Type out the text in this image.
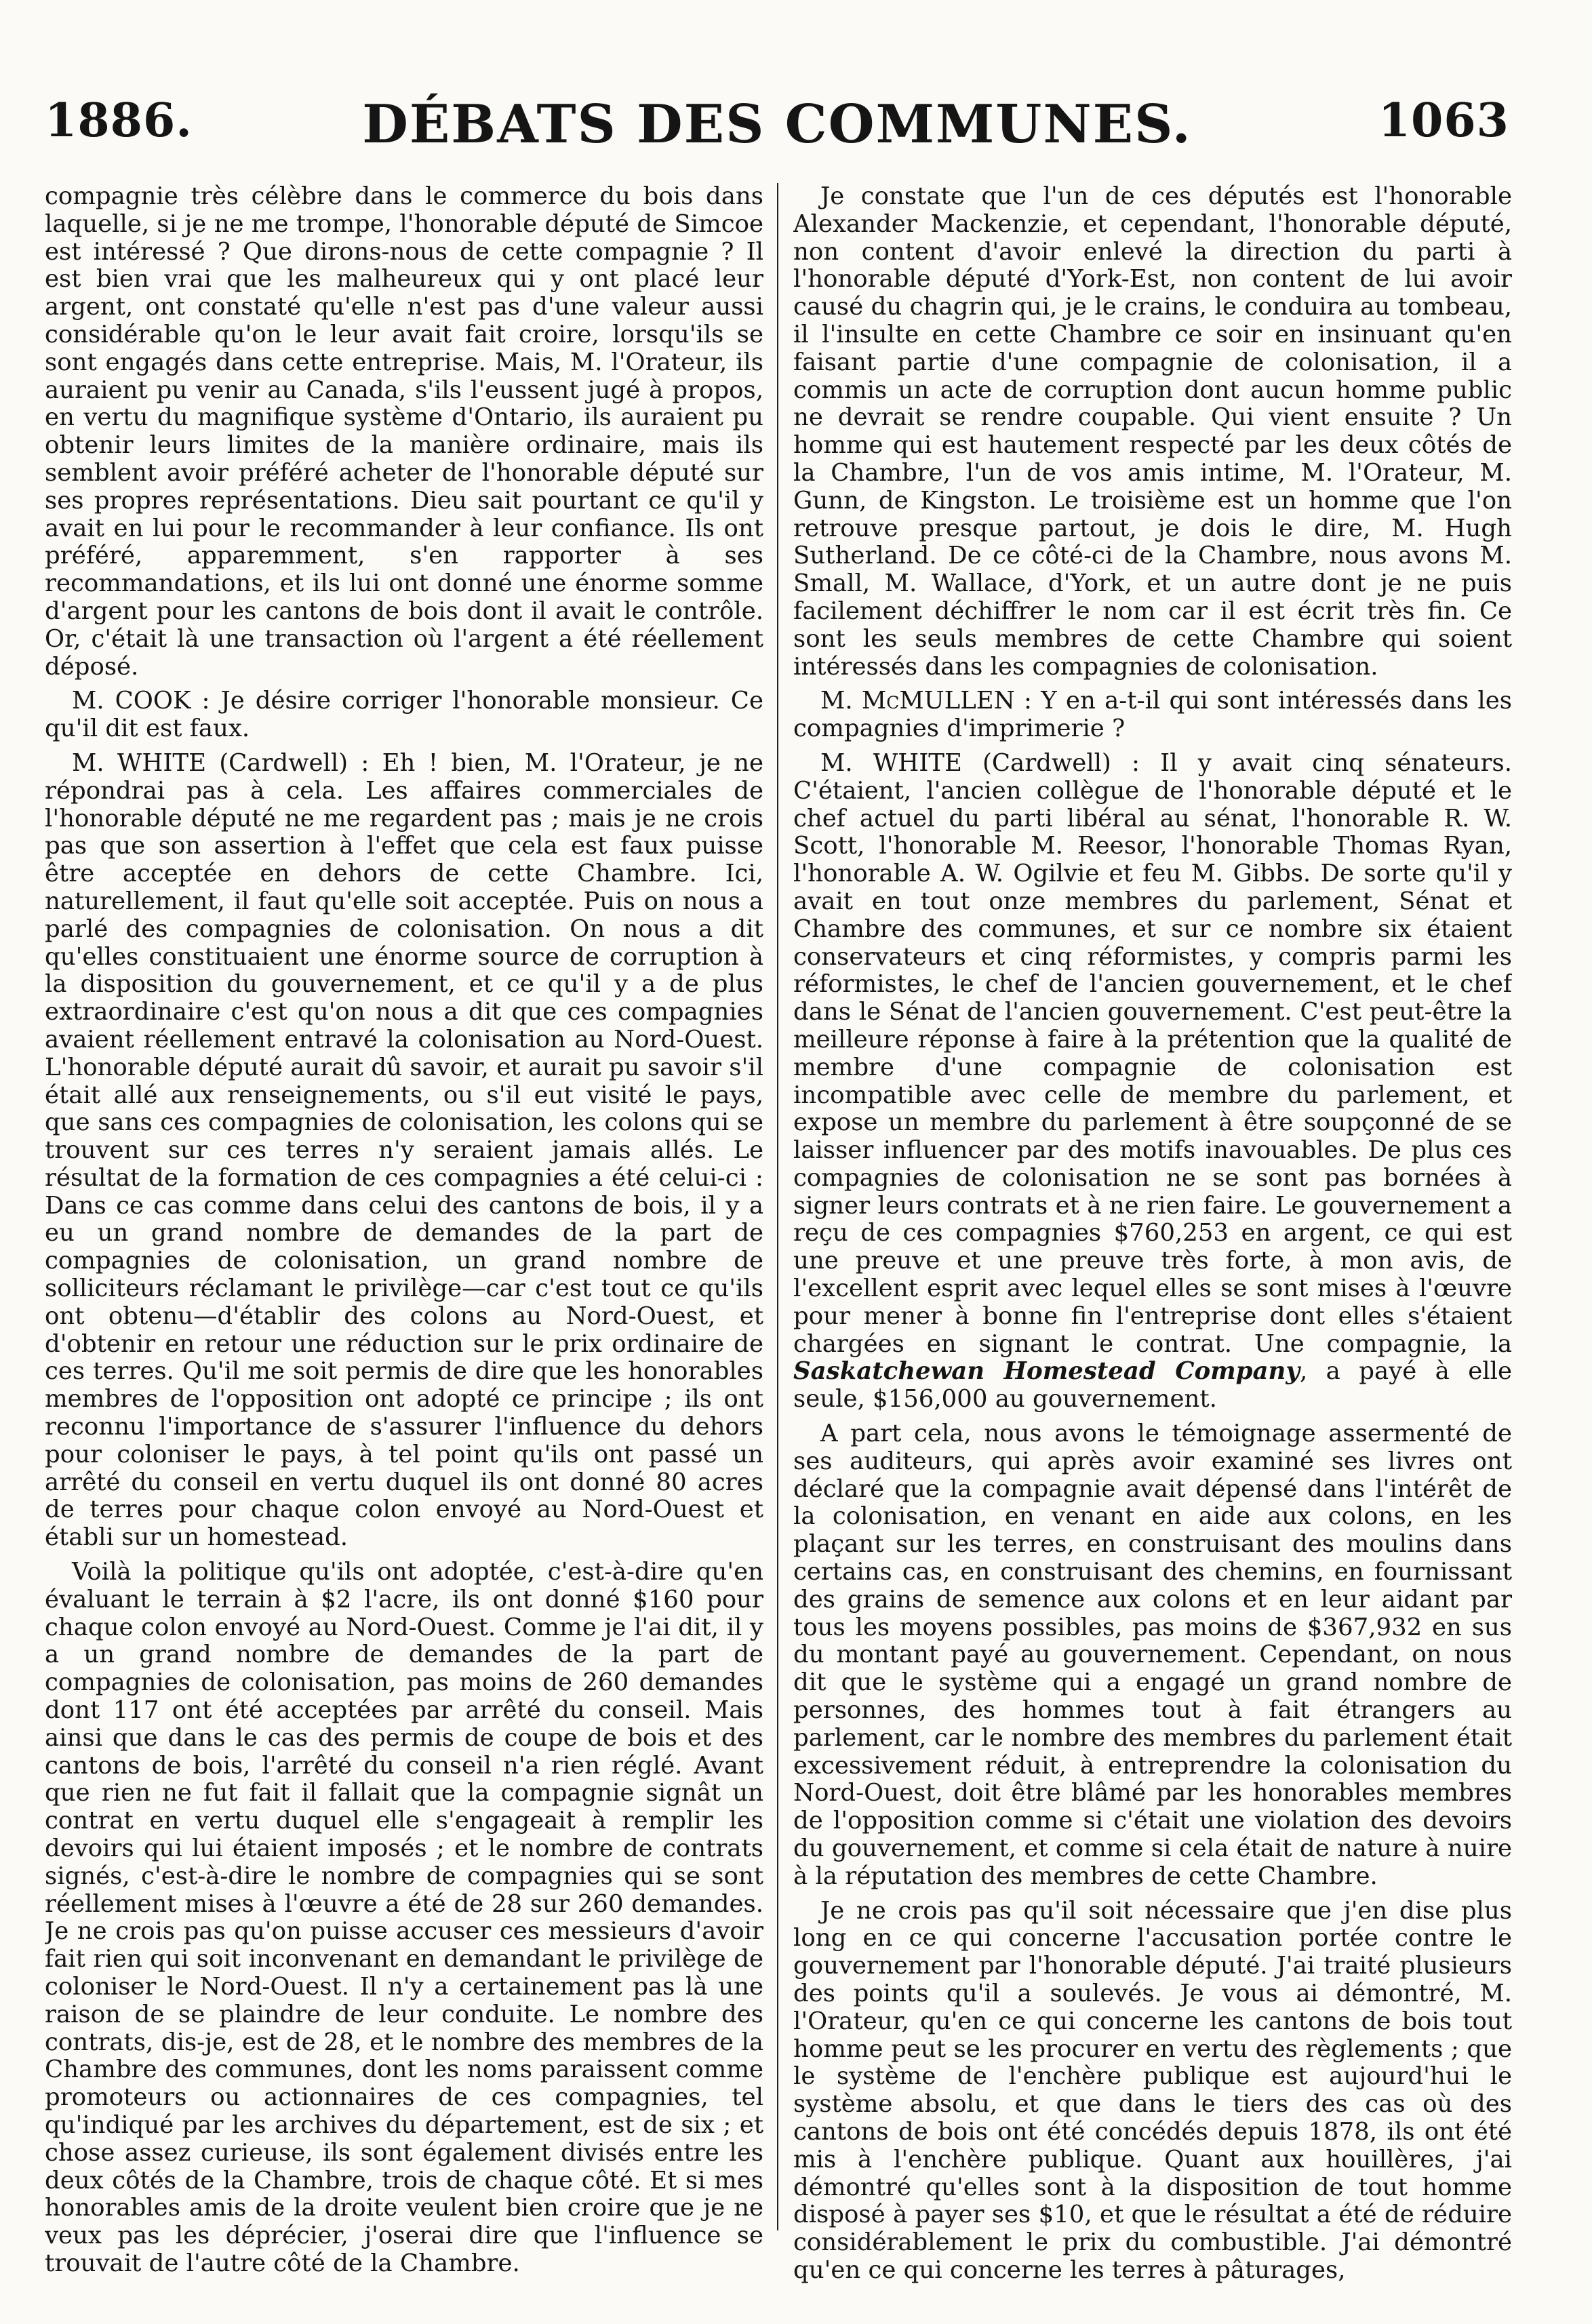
1886.	DÉBATS DES COMMUNES.	1063

compagnie très célèbre dans le commerce du bois dans laquelle, si je ne me trompe, l'honorable député de Simcoe est intéressé ? Que dirons-nous de cette compagnie ? Il est bien vrai que les malheureux qui y ont placé leur argent, ont constaté qu'elle n'est pas d'une valeur aussi considérable qu'on le leur avait fait croire, lorsqu'ils se sont engagés dans cette entreprise. Mais, M. l'Orateur, ils auraient pu venir au Canada, s'ils l'eussent jugé à propos, en vertu du magnifique système d'Ontario, ils auraient pu obtenir leurs limites de la manière ordinaire, mais ils semblent avoir préféré acheter de l'honorable député sur ses propres représentations. Dieu sait pourtant ce qu'il y avait en lui pour le recommander à leur confiance. Ils ont préféré, apparemment, s'en rapporter à ses recommandations, et ils lui ont donné une énorme somme d'argent pour les cantons de bois dont il avait le contrôle. Or, c'était là une transaction où l'argent a été réellement déposé.

M. COOK : Je désire corriger l'honorable monsieur. Ce qu'il dit est faux.

M. WHITE (Cardwell) : Eh ! bien, M. l'Orateur, je ne répondrai pas à cela. Les affaires commerciales de l'honorable député ne me regardent pas ; mais je ne crois pas que son assertion à l'effet que cela est faux puisse être acceptée en dehors de cette Chambre. Ici, naturellement, il faut qu'elle soit acceptée. Puis on nous a parlé des compagnies de colonisation. On nous a dit qu'elles constituaient une énorme source de corruption à la disposition du gouvernement, et ce qu'il y a de plus extraordinaire c'est qu'on nous a dit que ces compagnies avaient réellement entravé la colonisation au Nord-Ouest. L'honorable député aurait dû savoir, et aurait pu savoir s'il était allé aux renseignements, ou s'il eut visité le pays, que sans ces compagnies de colonisation, les colons qui se trouvent sur ces terres n'y seraient jamais allés. Le résultat de la formation de ces compagnies a été celui-ci : Dans ce cas comme dans celui des cantons de bois, il y a eu un grand nombre de demandes de la part de compagnies de colonisation, un grand nombre de solliciteurs réclamant le privilège—car c'est tout ce qu'ils ont obtenu—d'établir des colons au Nord-Ouest, et d'obtenir en retour une réduction sur le prix ordinaire de ces terres. Qu'il me soit permis de dire que les honorables membres de l'opposition ont adopté ce principe ; ils ont reconnu l'importance de s'assurer l'influence du dehors pour coloniser le pays, à tel point qu'ils ont passé un arrêté du conseil en vertu duquel ils ont donné 80 acres de terres pour chaque colon envoyé au Nord-Ouest et établi sur un homestead.

Voilà la politique qu'ils ont adoptée, c'est-à-dire qu'en évaluant le terrain à $2 l'acre, ils ont donné $160 pour chaque colon envoyé au Nord-Ouest. Comme je l'ai dit, il y a un grand nombre de demandes de la part de compagnies de colonisation, pas moins de 260 demandes dont 117 ont été acceptées par arrêté du conseil. Mais ainsi que dans le cas des permis de coupe de bois et des cantons de bois, l'arrêté du conseil n'a rien réglé. Avant que rien ne fut fait il fallait que la compagnie signât un contrat en vertu duquel elle s'engageait à remplir les devoirs qui lui étaient imposés ; et le nombre de contrats signés, c'est-à-dire le nombre de compagnies qui se sont réellement mises à l'œuvre a été de 28 sur 260 demandes. Je ne crois pas qu'on puisse accuser ces messieurs d'avoir fait rien qui soit inconvenant en demandant le privilège de coloniser le Nord-Ouest. Il n'y a certainement pas là une raison de se plaindre de leur conduite. Le nombre des contrats, dis-je, est de 28, et le nombre des membres de la Chambre des communes, dont les noms paraissent comme promoteurs ou actionnaires de ces compagnies, tel qu'indiqué par les archives du département, est de six ; et chose assez curieuse, ils sont également divisés entre les deux côtés de la Chambre, trois de chaque côté. Et si mes honorables amis de la droite veulent bien croire que je ne veux pas les déprécier, j'oserai dire que l'influence se trouvait de l'autre côté de la Chambre.

Je constate que l'un de ces députés est l'honorable Alexander Mackenzie, et cependant, l'honorable député, non content d'avoir enlevé la direction du parti à l'honorable député d'York-Est, non content de lui avoir causé du chagrin qui, je le crains, le conduira au tombeau, il l'insulte en cette Chambre ce soir en insinuant qu'en faisant partie d'une compagnie de colonisation, il a commis un acte de corruption dont aucun homme public ne devrait se rendre coupable. Qui vient ensuite ? Un homme qui est hautement respecté par les deux côtés de la Chambre, l'un de vos amis intime, M. l'Orateur, M. Gunn, de Kingston. Le troisième est un homme que l'on retrouve presque partout, je dois le dire, M. Hugh Sutherland. De ce côté-ci de la Chambre, nous avons M. Small, M. Wallace, d'York, et un autre dont je ne puis facilement déchiffrer le nom car il est écrit très fin. Ce sont les seuls membres de cette Chambre qui soient intéressés dans les compagnies de colonisation.

M. McMULLEN : Y en a-t-il qui sont intéressés dans les compagnies d'imprimerie ?

M. WHITE (Cardwell) : Il y avait cinq sénateurs. C'étaient, l'ancien collègue de l'honorable député et le chef actuel du parti libéral au sénat, l'honorable R. W. Scott, l'honorable M. Reesor, l'honorable Thomas Ryan, l'honorable A. W. Ogilvie et feu M. Gibbs. De sorte qu'il y avait en tout onze membres du parlement, Sénat et Chambre des communes, et sur ce nombre six étaient conservateurs et cinq réformistes, y compris parmi les réformistes, le chef de l'ancien gouvernement, et le chef dans le Sénat de l'ancien gouvernement. C'est peut-être la meilleure réponse à faire à la prétention que la qualité de membre d'une compagnie de colonisation est incompatible avec celle de membre du parlement, et expose un membre du parlement à être soupçonné de se laisser influencer par des motifs inavouables. De plus ces compagnies de colonisation ne se sont pas bornées à signer leurs contrats et à ne rien faire. Le gouvernement a reçu de ces compagnies $760,253 en argent, ce qui est une preuve et une preuve très forte, à mon avis, de l'excellent esprit avec lequel elles se sont mises à l'œuvre pour mener à bonne fin l'entreprise dont elles s'étaient chargées en signant le contrat. Une compagnie, la Saskatchewan Homestead Company, a payé à elle seule, $156,000 au gouvernement.

A part cela, nous avons le témoignage assermenté de ses auditeurs, qui après avoir examiné ses livres ont déclaré que la compagnie avait dépensé dans l'intérêt de la colonisation, en venant en aide aux colons, en les plaçant sur les terres, en construisant des moulins dans certains cas, en construisant des chemins, en fournissant des grains de semence aux colons et en leur aidant par tous les moyens possibles, pas moins de $367,932 en sus du montant payé au gouvernement. Cependant, on nous dit que le système qui a engagé un grand nombre de personnes, des hommes tout à fait étrangers au parlement, car le nombre des membres du parlement était excessivement réduit, à entreprendre la colonisation du Nord-Ouest, doit être blâmé par les honorables membres de l'opposition comme si c'était une violation des devoirs du gouvernement, et comme si cela était de nature à nuire à la réputation des membres de cette Chambre.

Je ne crois pas qu'il soit nécessaire que j'en dise plus long en ce qui concerne l'accusation portée contre le gouvernement par l'honorable député. J'ai traité plusieurs des points qu'il a soulevés. Je vous ai démontré, M. l'Orateur, qu'en ce qui concerne les cantons de bois tout homme peut se les procurer en vertu des règlements ; que le système de l'enchère publique est aujourd'hui le système absolu, et que dans le tiers des cas où des cantons de bois ont été concédés depuis 1878, ils ont été mis à l'enchère publique. Quant aux houillères, j'ai démontré qu'elles sont à la disposition de tout homme disposé à payer ses $10, et que le résultat a été de réduire considérablement le prix du combustible. J'ai démontré qu'en ce qui concerne les terres à pâturages,
